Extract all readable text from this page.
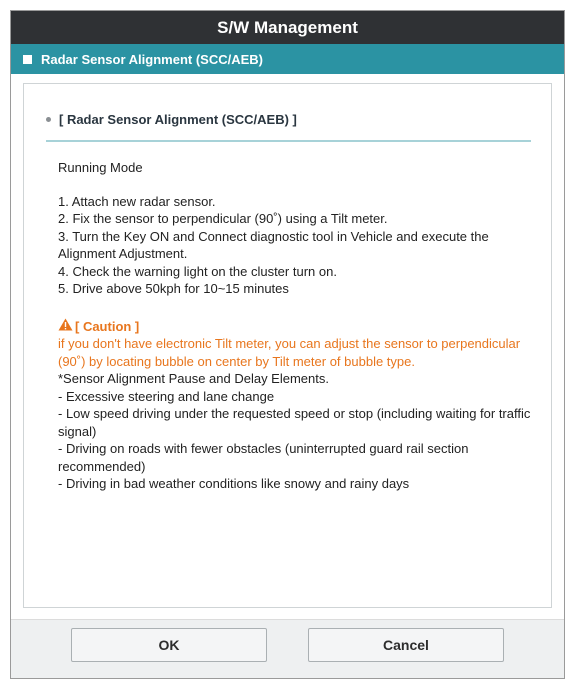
S/W Management
Radar Sensor Alignment (SCC/AEB)
[ Radar Sensor Alignment (SCC/AEB) ]

Running Mode

1. Attach new radar sensor.

2. Fix the sensor to perpendicular (90˚) using a Tilt meter.

3. Turn the Key ON and Connect diagnostic tool in Vehicle and execute the Alignment Adjustment.

4. Check the warning light on the cluster turn on.

5. Drive above 50kph for 10~15 minutes

[ Caution ]

if you don't have electronic Tilt meter, you can adjust the sensor to perpendicular (90˚) by locating bubble on center by Tilt meter of bubble type.

*Sensor Alignment Pause and Delay Elements.

- Excessive steering and lane change

- Low speed driving under the requested speed or stop (including waiting for traffic signal)

- Driving on roads with fewer obstacles (uninterrupted guard rail section recommended)

- Driving in bad weather conditions like snowy and rainy days

OK	Cancel
